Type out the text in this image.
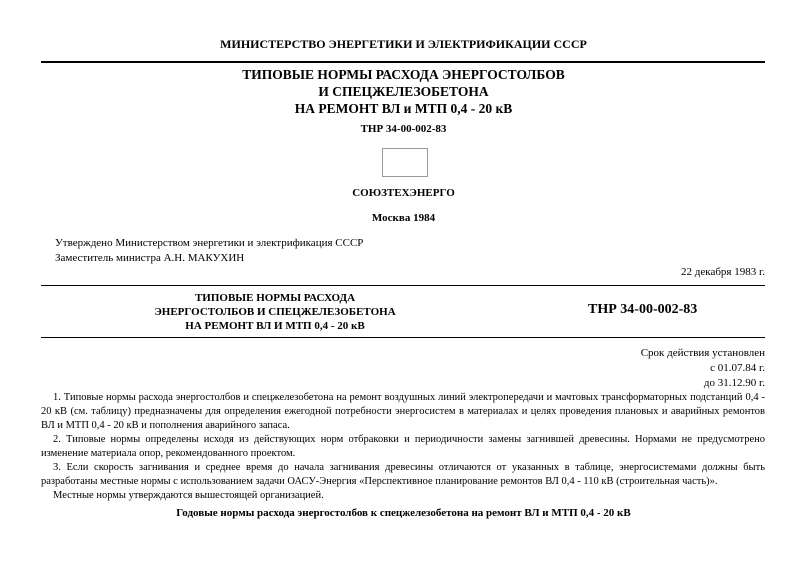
МИНИСТЕРСТВО ЭНЕРГЕТИКИ И ЭЛЕКТРИФИКАЦИИ СССР
ТИПОВЫЕ НОРМЫ РАСХОДА ЭНЕРГОСТОЛБОВ
И СПЕЦЖЕЛЕЗОБЕТОНА
НА РЕМОНТ ВЛ и МТП 0,4 - 20 кВ
ТНР 34-00-002-83
СОЮЗТЕХЭНЕРГО
Москва 1984
Утверждено Министерством энергетики и электрификация СССР
Заместитель министра А.Н. МАКУХИН
22 декабря 1983 г.
ТИПОВЫЕ НОРМЫ РАСХОДА
ЭНЕРГОСТОЛБОВ И СПЕЦЖЕЛЕЗОБЕТОНА
НА РЕМОНТ ВЛ И МТП 0,4 - 20 кВ
ТНР 34-00-002-83
Срок действия установлен
с 01.07.84 г.
до 31.12.90 г.

1. Типовые нормы расхода энергостолбов и спецжелезобетона на ремонт воздушных линий электропередачи и мачтовых трансформаторных подстанций 0,4 - 20 кВ (см. таблицу) предназначены для определения ежегодной потребности энергосистем в материалах и целях проведения плановых и аварийных ремонтов ВЛ и МТП 0,4 - 20 кВ и пополнения аварийного запаса.

2. Типовые нормы определены исходя из действующих норм отбраковки и периодичности замены загнившей древесины. Нормами не предусмотрено изменение материала опор, рекомендованного проектом.

3. Если скорость загнивания и среднее время до начала загнивания древесины отличаются от указанных в таблице, энергосистемами должны быть разработаны местные нормы с использованием задачи ОАСУ-Энергия «Перспективное планирование ремонтов ВЛ 0,4 - 110 кВ (строительная часть)».

Местные нормы утверждаются вышестоящей организацией.

Годовые нормы расхода энергостолбов к спецжелезобетона на ремонт ВЛ и МТП 0,4 - 20 кВ
